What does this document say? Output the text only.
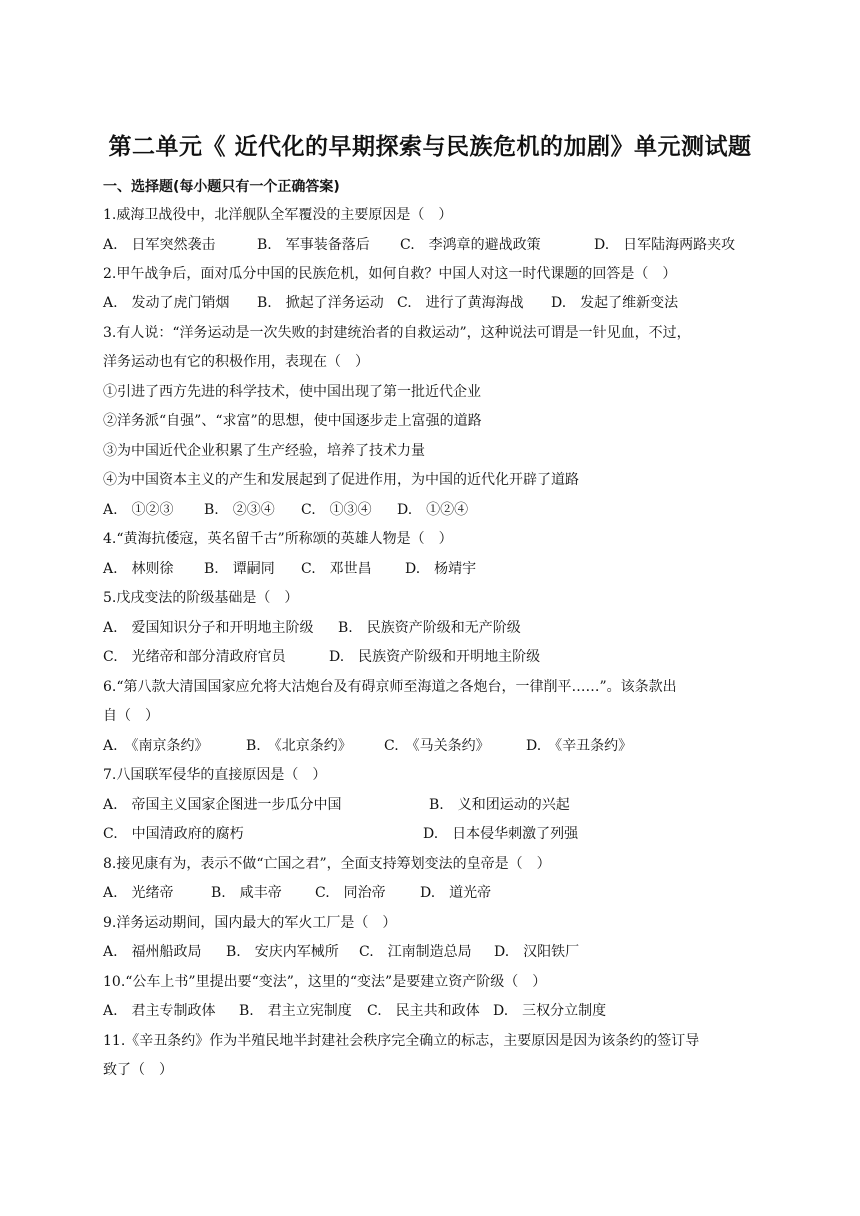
第二单元《 近代化的早期探索与民族危机的加剧》单元测试题
一、选择题(每小题只有一个正确答案)
1.威海卫战役中，北洋舰队全军覆没的主要原因是（　）
A.　日军突然袭击	B.　军事装备落后 C.　李鸿章的避战政策	D.　日军陆海两路夹攻
2.甲午战争后，面对瓜分中国的民族危机，如何自救？中国人对这一时代课题的回答是（　）
A.　发动了虎门销烟 B.　掀起了洋务运动 C.　进行了黄海海战 D.　发起了维新变法
3.有人说：“洋务运动是一次失败的封建统治者的自救运动”，这种说法可谓是一针见血，不过，
洋务运动也有它的积极作用，表现在（　）
①引进了西方先进的科学技术，使中国出现了第一批近代企业
②洋务派“自强”、“求富”的思想，使中国逐步走上富强的道路
③为中国近代企业积累了生产经验，培养了技术力量
④为中国资本主义的产生和发展起到了促进作用，为中国的近代化开辟了道路
A.　①②③ B.　②③④ C.　①③④ D.　①②④
4.“黄海抗倭寇，英名留千古”所称颂的英雄人物是（　）
A.　林则徐 B.　谭嗣同 C.　邓世昌 D.　杨靖宇
5.戊戌变法的阶级基础是（　）
A.　爱国知识分子和开明地主阶级 B.　民族资产阶级和无产阶级
C.　光绪帝和部分清政府官员	D.　民族资产阶级和开明地主阶级
6.“第八款大清国国家应允将大沽炮台及有碍京师至海道之各炮台，一律削平……”。该条款出
自（　）
A.　《南京条约》	B.　《北京条约》 C.　《马关条约》	D.　《辛丑条约》
7.八国联军侵华的直接原因是（　）
A.　帝国主义国家企图进一步瓜分中国	B.　义和团运动的兴起
C.　中国清政府的腐朽	D.　日本侵华刺激了列强
8.接见康有为，表示不做“亡国之君”，全面支持筹划变法的皇帝是（　）
A.　光绪帝	B.　咸丰帝 C.　同治帝 D.　道光帝
9.洋务运动期间，国内最大的军火工厂是（　）
A.　福州船政局 B.　安庆内军械所 C.　江南制造总局 D.　汉阳铁厂
10.“公车上书”里提出要“变法”，这里的“变法”是要建立资产阶级（　）
A.　君主专制政体 B.　君主立宪制度 C.　民主共和政体 D.　三权分立制度
11.《辛丑条约》作为半殖民地半封建社会秩序完全确立的标志，主要原因是因为该条约的签订导
致了（　）
